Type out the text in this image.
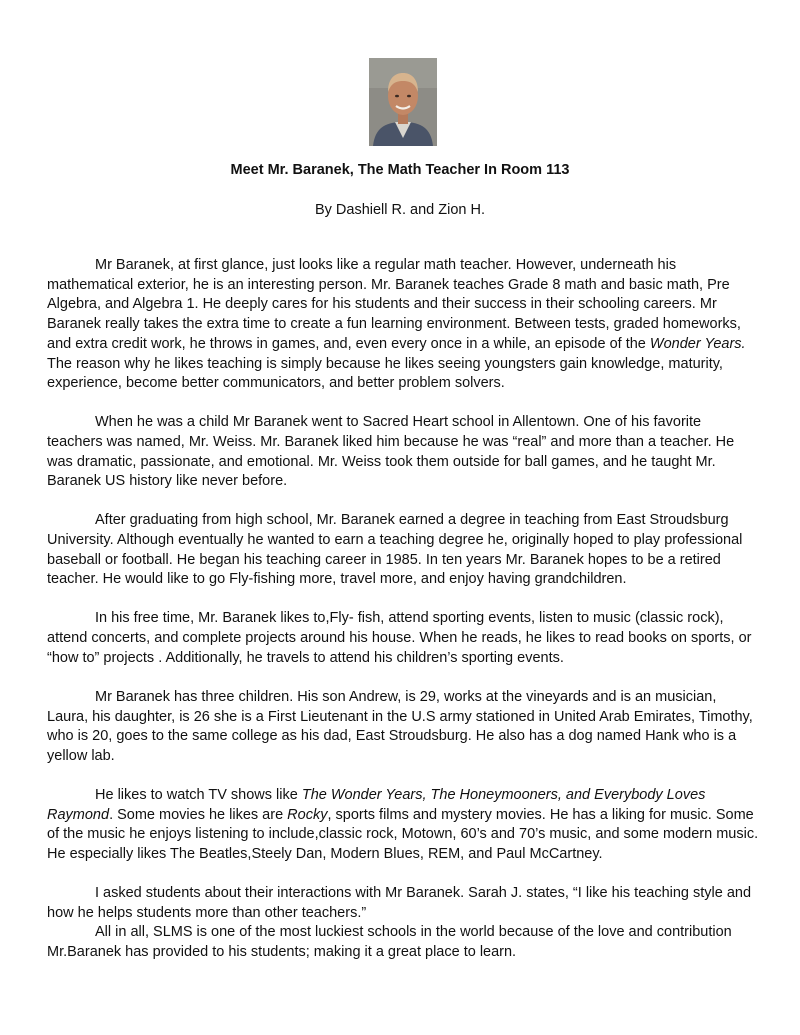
Meet Mr. Baranek, The Math Teacher In Room 113

By Dashiell R. and Zion H.

Mr Baranek, at first glance, just looks like a regular math teacher. However, underneath his mathematical exterior, he is an interesting person. Mr. Baranek teaches Grade 8 math and basic math, Pre Algebra, and Algebra 1. He deeply cares for his students and their success in their schooling careers. Mr Baranek really takes the extra time to create a fun learning environment. Between tests, graded homeworks, and extra credit work, he throws in games, and, even every once in a while, an episode of the Wonder Years. The reason why he likes teaching is simply because he likes seeing youngsters gain knowledge, maturity, experience, become better communicators, and better problem solvers.

When he was a child Mr Baranek went to Sacred Heart school in Allentown. One of his favorite teachers was named, Mr. Weiss. Mr. Baranek liked him because he was “real” and more than a teacher. He was dramatic, passionate, and emotional. Mr. Weiss took them outside for ball games, and he taught Mr. Baranek US history like never before.

After graduating from high school, Mr. Baranek earned a degree in teaching from East Stroudsburg University. Although eventually he wanted to earn a teaching degree he, originally hoped to play professional baseball or football. He began his teaching career in 1985. In ten years Mr. Baranek hopes to be a retired teacher. He would like to go Fly-fishing more, travel more, and enjoy having grandchildren.

In his free time, Mr. Baranek likes to,Fly- fish, attend sporting events, listen to music (classic rock), attend concerts, and complete projects around his house. When he reads, he likes to read books on sports, or “how to” projects . Additionally, he travels to attend his children’s sporting events.

Mr Baranek has three children. His son Andrew, is 29, works at the vineyards and is an musician, Laura, his daughter, is 26 she is a First Lieutenant in the U.S army stationed in United Arab Emirates, Timothy, who is 20, goes to the same college as his dad, East Stroudsburg. He also has a dog named Hank who is a yellow lab.

He likes to watch TV shows like The Wonder Years, The Honeymooners, and Everybody Loves Raymond. Some movies he likes are Rocky, sports films and mystery movies. He has a liking for music. Some of the music he enjoys listening to include,classic rock, Motown, 60’s and 70’s music, and some modern music. He especially likes The Beatles,Steely Dan, Modern Blues, REM, and Paul McCartney.

I asked students about their interactions with Mr Baranek. Sarah J. states, “I like his teaching style and how he helps students more than other teachers.”

All in all, SLMS is one of the most luckiest schools in the world because of the love and contribution Mr.Baranek has provided to his students; making it a great place to learn.
